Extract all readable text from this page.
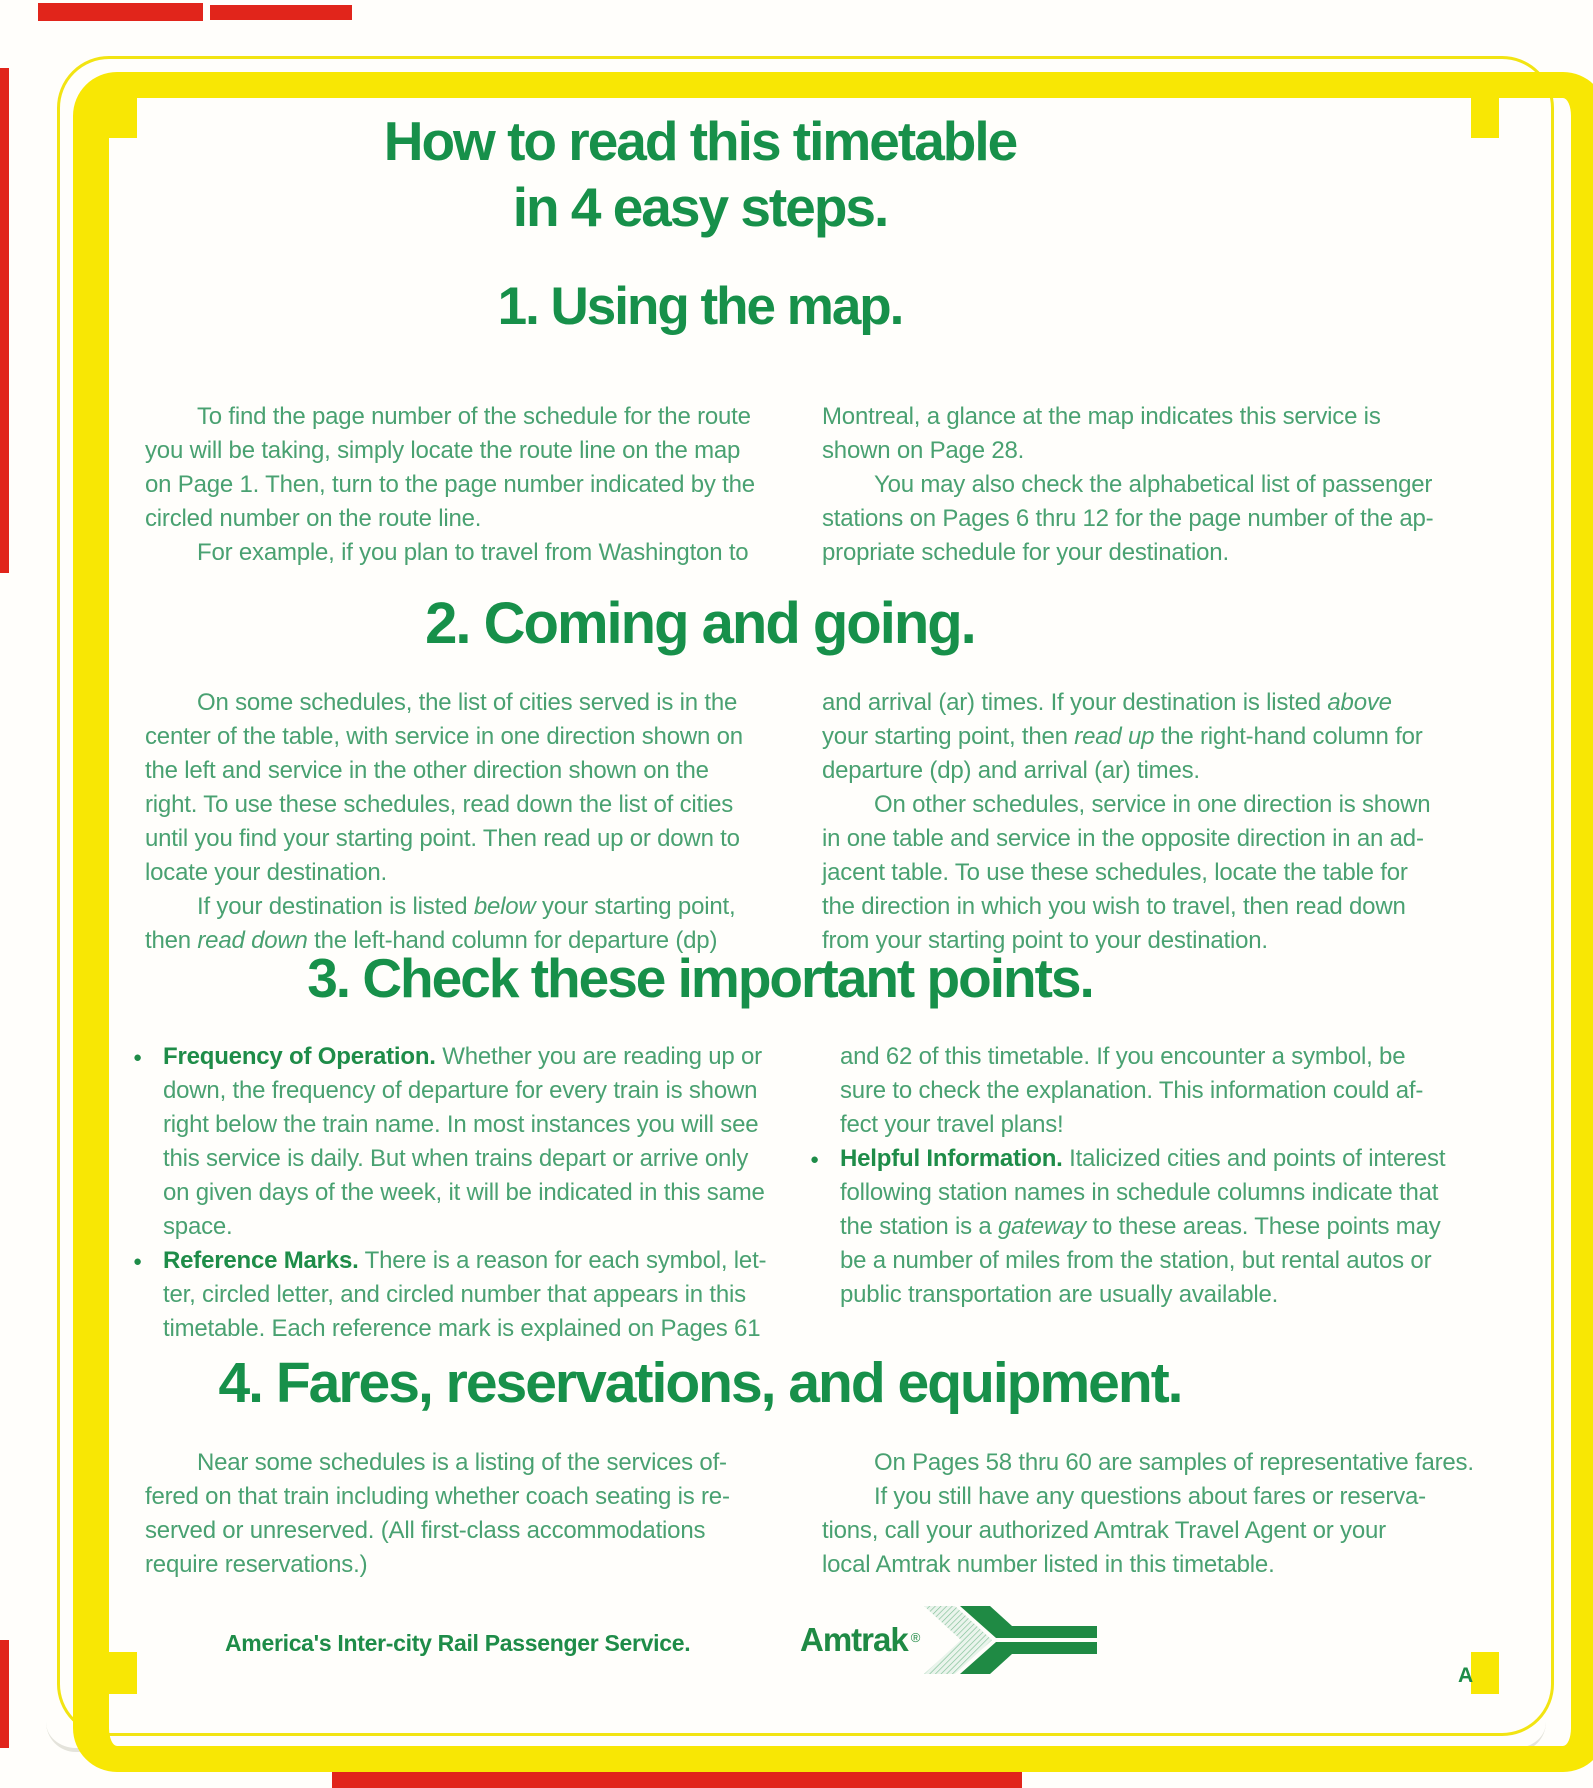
How to read this timetable
in 4 easy steps.
1. Using the map.

To find the page number of the schedule for the route
you will be taking, simply locate the route line on the map
on Page 1. Then, turn to the page number indicated by the
circled number on the route line.

For example, if you plan to travel from Washington to

Montreal, a glance at the map indicates this service is
shown on Page 28.

You may also check the alphabetical list of passenger
stations on Pages 6 thru 12 for the page number of the ap-
propriate schedule for your destination.

2. Coming and going.

On some schedules, the list of cities served is in the
center of the table, with service in one direction shown on
the left and service in the other direction shown on the
right. To use these schedules, read down the list of cities
until you find your starting point. Then read up or down to
locate your destination.

If your destination is listed below your starting point,
then read down the left-hand column for departure (dp)

and arrival (ar) times. If your destination is listed above
your starting point, then read up the right-hand column for
departure (dp) and arrival (ar) times.

On other schedules, service in one direction is shown
in one table and service in the opposite direction in an ad-
jacent table. To use these schedules, locate the table for
the direction in which you wish to travel, then read down
from your starting point to your destination.

3. Check these important points.
● Frequency of Operation. Whether you are reading up or
down, the frequency of departure for every train is shown
right below the train name. In most instances you will see
this service is daily. But when trains depart or arrive only
on given days of the week, it will be indicated in this same
space.
● Reference Marks. There is a reason for each symbol, let-
ter, circled letter, and circled number that appears in this
timetable. Each reference mark is explained on Pages 61

and 62 of this timetable. If you encounter a symbol, be
sure to check the explanation. This information could af-
fect your travel plans!

● Helpful Information. Italicized cities and points of interest
following station names in schedule columns indicate that
the station is a gateway to these areas. These points may
be a number of miles from the station, but rental autos or
public transportation are usually available.
4. Fares, reservations, and equipment.

Near some schedules is a listing of the services of-
fered on that train including whether coach seating is re-
served or unreserved. (All first-class accommodations
require reservations.)

On Pages 58 thru 60 are samples of representative fares.

If you still have any questions about fares or reserva-
tions, call your authorized Amtrak Travel Agent or your
local Amtrak number listed in this timetable.

America's Inter-city Rail Passenger Service.	Amtrak ®
A
